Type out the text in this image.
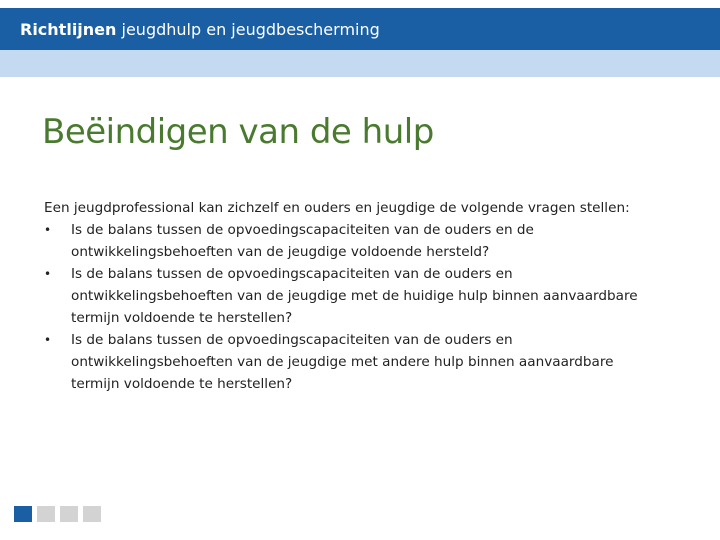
Richtlijnen jeugdhulp en jeugdbescherming
Beëindigen van de hulp

Een jeugdprofessional kan zichzelf en ouders en jeugdige de volgende vragen stellen:

•	Is de balans tussen de opvoedingscapaciteiten van de ouders en de
ontwikkelingsbehoeften van de jeugdige voldoende hersteld?
•	Is de balans tussen de opvoedingscapaciteiten van de ouders en
ontwikkelingsbehoeften van de jeugdige met de huidige hulp binnen aanvaardbare
termijn voldoende te herstellen?
•	Is de balans tussen de opvoedingscapaciteiten van de ouders en
ontwikkelingsbehoeften van de jeugdige met andere hulp binnen aanvaardbare
termijn voldoende te herstellen?
